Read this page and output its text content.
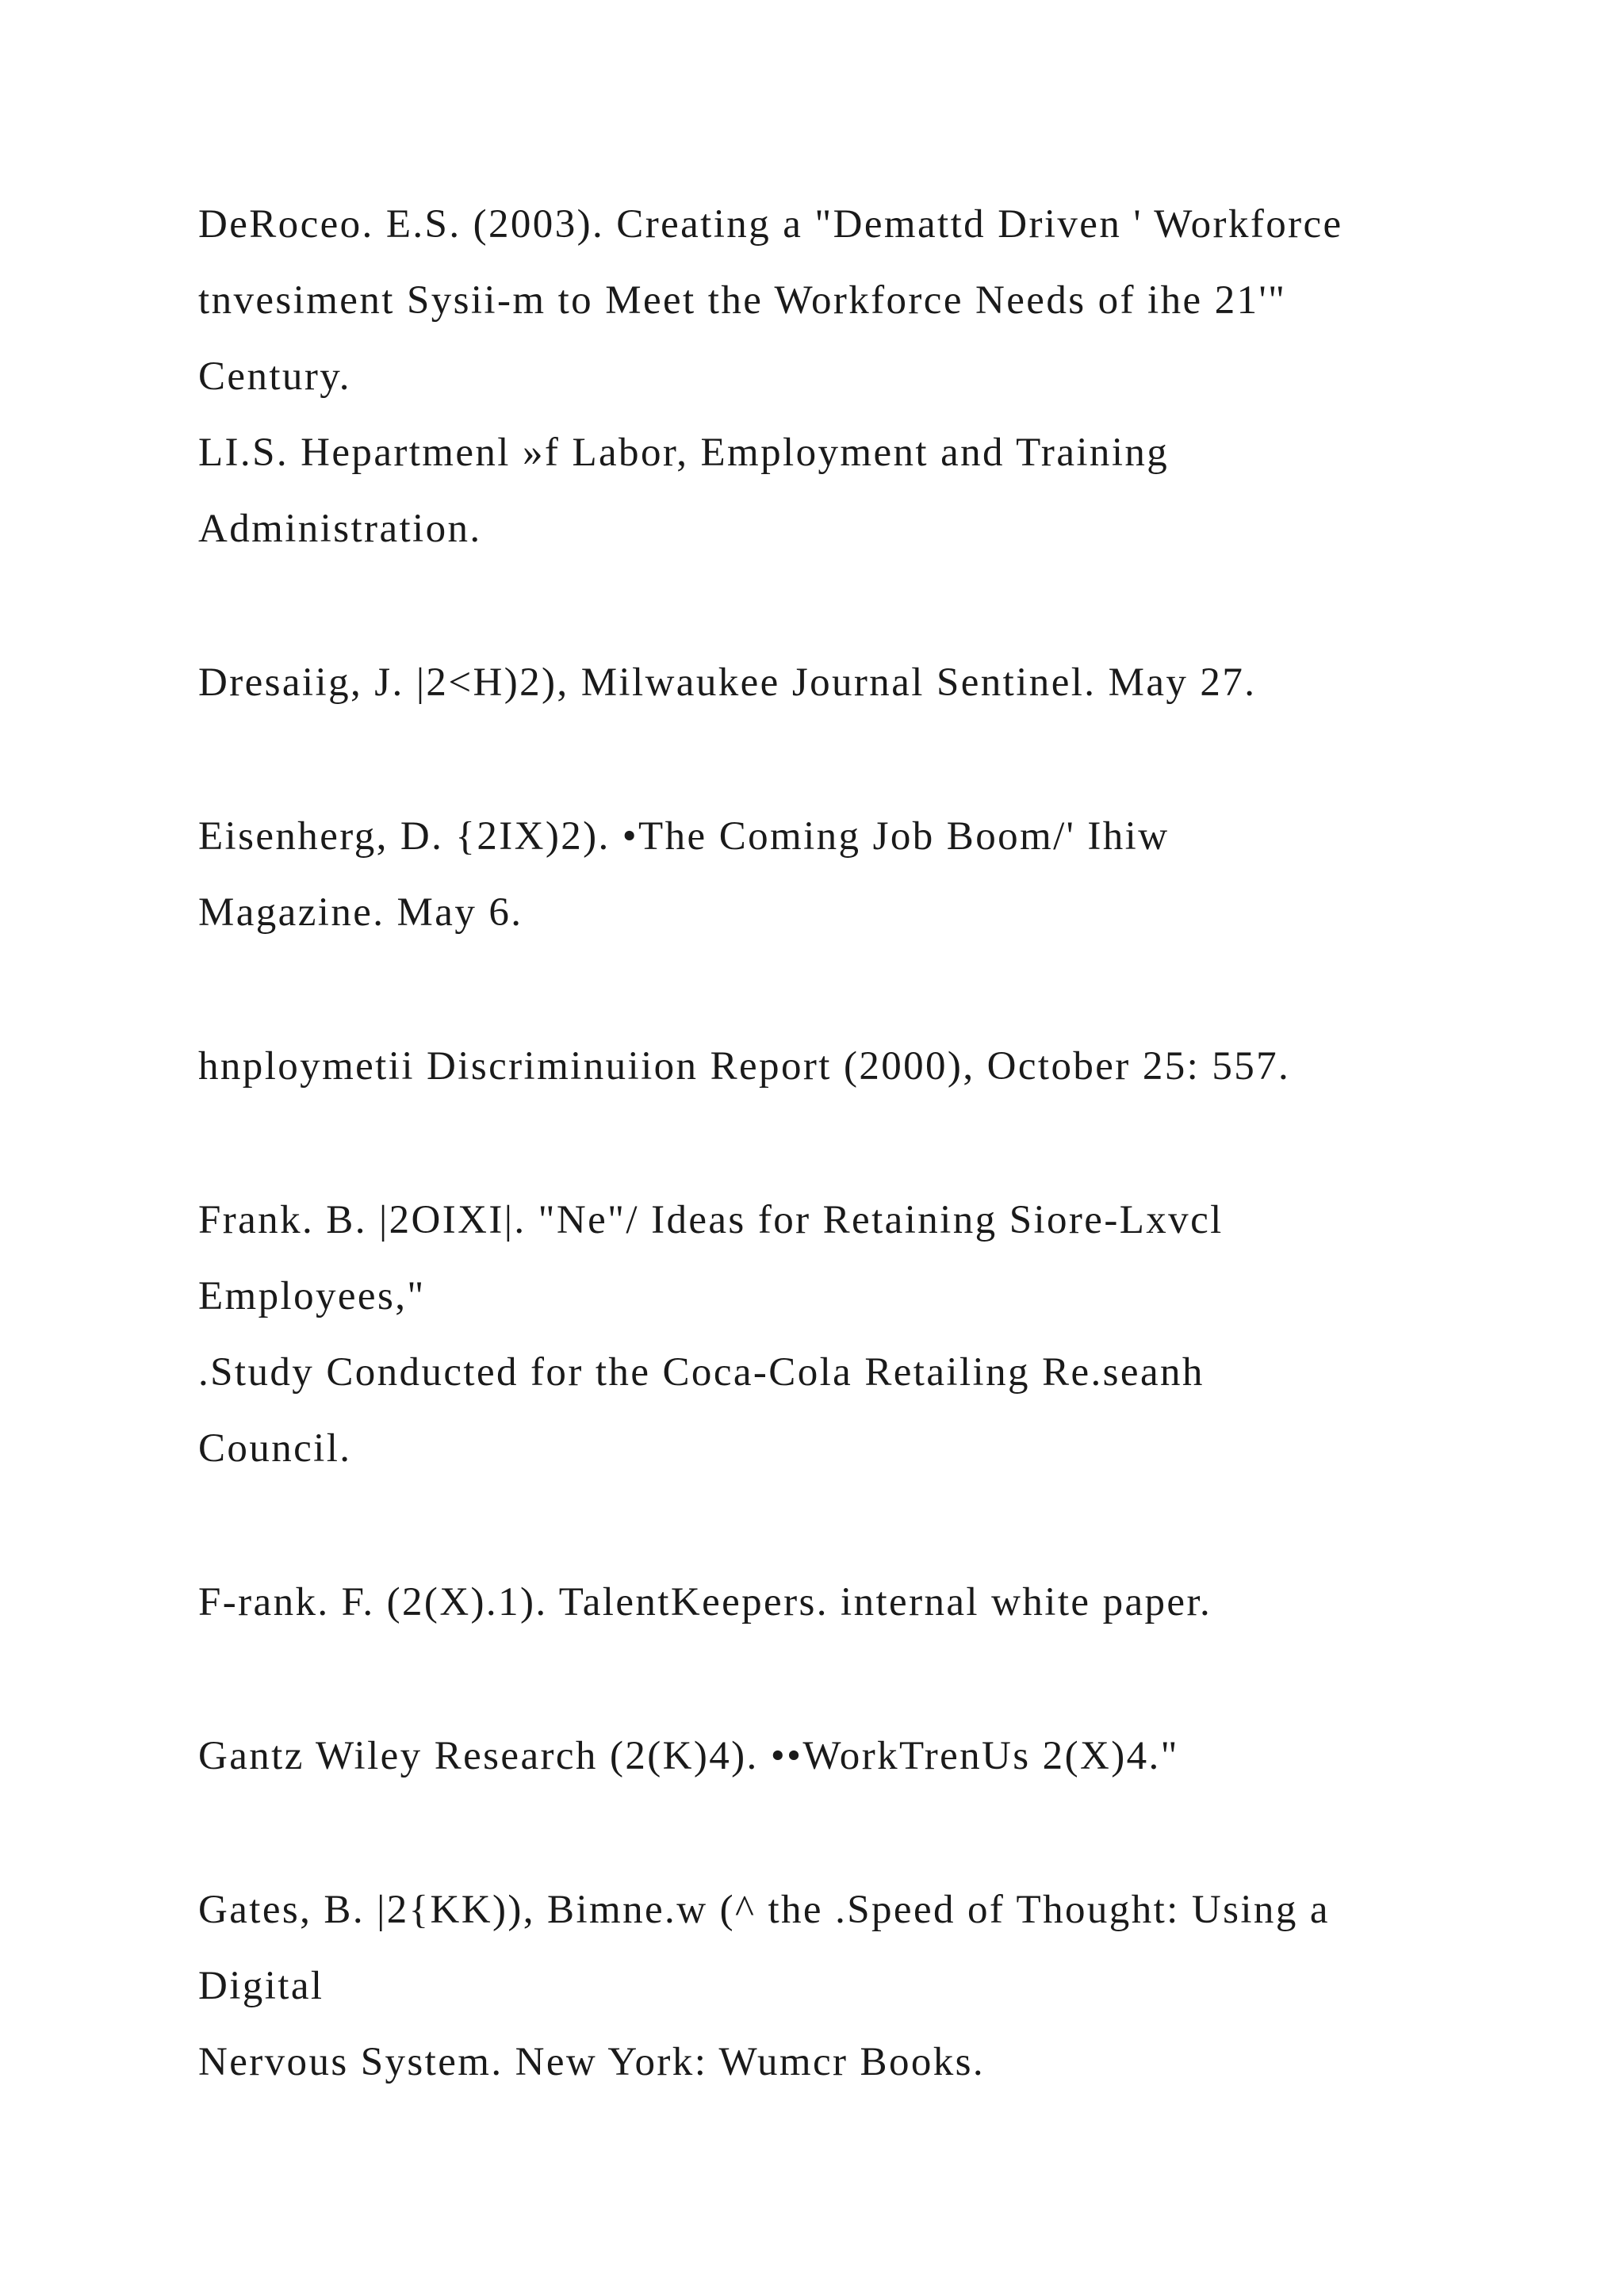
DeRoceo. E.S. (2003). Creating a "Demattd Driven ' Workforce
tnvesiment Sysii-m to Meet the Workforce Needs of ihe 21'"
Century.
LI.S. Hepartmenl »f Labor, Employment and Training
Administration.
Dresaiig, J. |2<H)2), Milwaukee Journal Sentinel. May 27.
Eisenherg, D. {2IX)2). •The Coming Job Boom/' Ihiw
Magazine. May 6.
hnploymetii Discriminuiion Report (2000), October 25: 557.
Frank. B. |2OIXI|. "Ne"/ Ideas for Retaining Siore-Lxvcl
Employees,"
.Study Conducted for the Coca-Cola Retailing Re.seanh
Council.
F-rank. F. (2(X).1). TalentKeepers. internal white paper.
Gantz Wiley Research (2(K)4). ••WorkTrenUs 2(X)4."
Gates, B. |2{KK)), Bimne.w (^ the .Speed of Thought: Using a
Digital
Nervous System. New York: Wumcr Books.
